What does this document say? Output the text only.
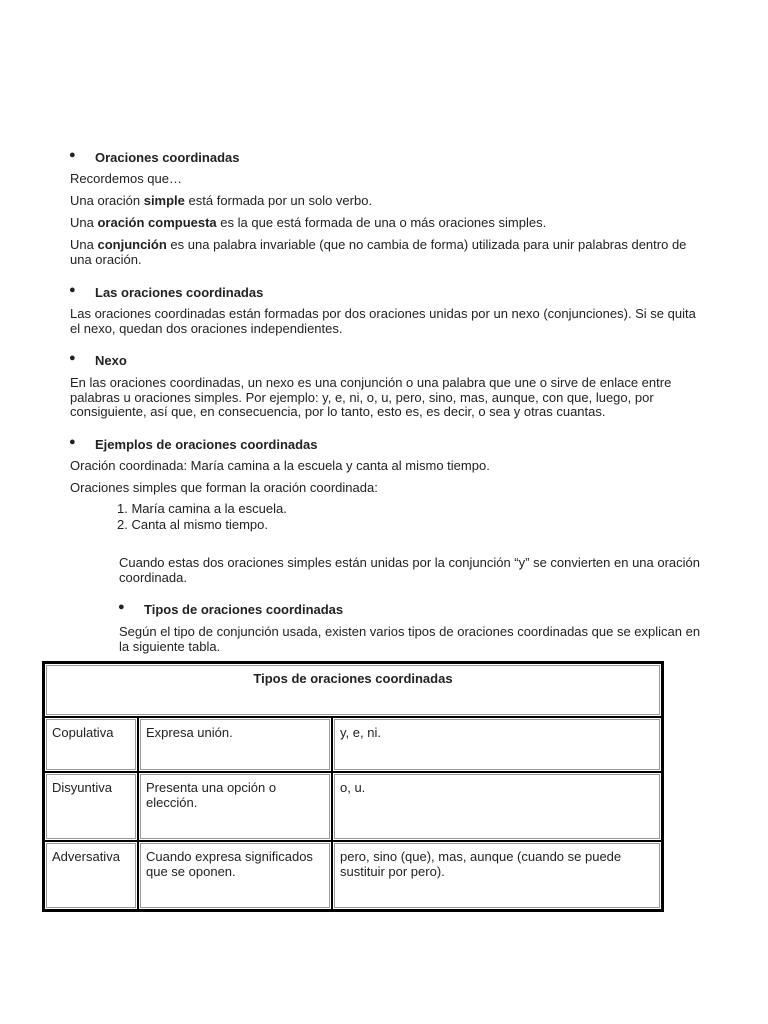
● Oraciones coordinadas
Recordemos que…
Una oración simple está formada por un solo verbo.
Una oración compuesta es la que está formada de una o más oraciones simples.
Una conjunción es una palabra invariable (que no cambia de forma) utilizada para unir palabras dentro de una oración.
● Las oraciones coordinadas
Las oraciones coordinadas están formadas por dos oraciones unidas por un nexo (conjunciones). Si se quita el nexo, quedan dos oraciones independientes.
● Nexo
En las oraciones coordinadas, un nexo es una conjunción o una palabra que une o sirve de enlace entre palabras u oraciones simples. Por ejemplo: y, e, ni, o, u, pero, sino, mas, aunque, con que, luego, por consiguiente, así que, en consecuencia, por lo tanto, esto es, es decir, o sea y otras cuantas.
● Ejemplos de oraciones coordinadas
Oración coordinada: María camina a la escuela y canta al mismo tiempo.
Oraciones simples que forman la oración coordinada:
1. María camina a la escuela.
2. Canta al mismo tiempo.
Cuando estas dos oraciones simples están unidas por la conjunción “y” se convierten en una oración coordinada.
● Tipos de oraciones coordinadas
Según el tipo de conjunción usada, existen varios tipos de oraciones coordinadas que se explican en la siguiente tabla.
Tipos de oraciones coordinadas		
Copulativa	Expresa unión.	y, e, ni.
Disyuntiva	Presenta una opción o elección.	o, u.
Adversativa	Cuando expresa significados que se oponen.	pero, sino (que), mas, aunque (cuando se puede sustituir por pero).
